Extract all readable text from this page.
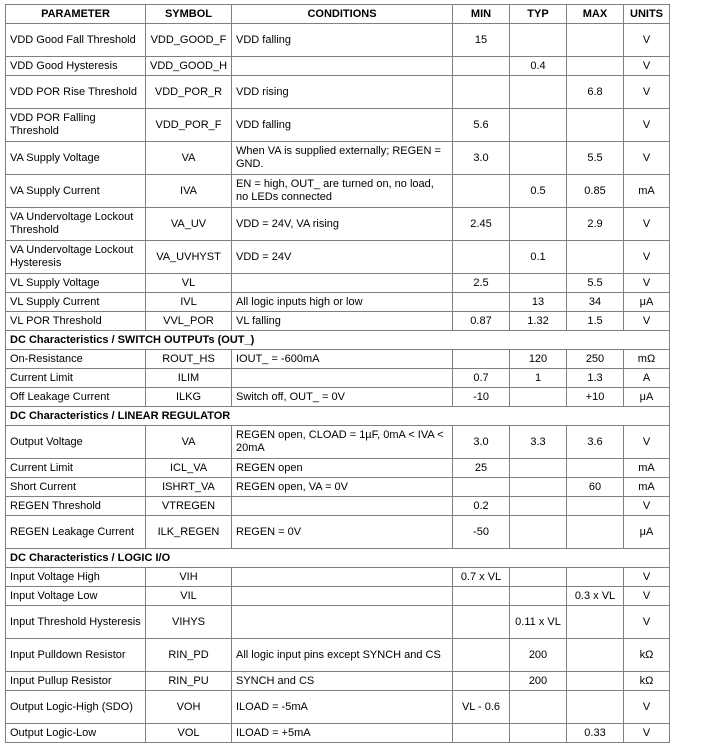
PARAMETER	SYMBOL	CONDITIONS	MIN	TYP	MAX	UNITS
VDD Good Fall Threshold	VDD_GOOD_F	VDD falling	15			V
VDD Good Hysteresis	VDD_GOOD_H			0.4		V
VDD POR Rise Threshold	VDD_POR_R	VDD rising			6.8	V
VDD POR Falling Threshold	VDD_POR_F	VDD falling	5.6			V
VA Supply Voltage	VA	When VA is supplied externally; REGEN = GND.	3.0		5.5	V
VA Supply Current	IVA	EN = high, OUT_ are turned on, no load, no LEDs connected		0.5	0.85	mA
VA Undervoltage Lockout Threshold	VA_UV	VDD = 24V, VA rising	2.45		2.9	V
VA Undervoltage Lockout Hysteresis	VA_UVHYST	VDD = 24V		0.1		V
VL Supply Voltage	VL		2.5		5.5	V
VL Supply Current	IVL	All logic inputs high or low		13	34	μA
VL POR Threshold	VVL_POR	VL falling	0.87	1.32	1.5	V
DC Characteristics / SWITCH OUTPUTs (OUT_)						
On-Resistance	ROUT_HS	IOUT_ = -600mA		120	250	mΩ
Current Limit	ILIM		0.7	1	1.3	A
Off Leakage Current	ILKG	Switch off, OUT_ = 0V	-10		+10	μA
DC Characteristics / LINEAR REGULATOR						
Output Voltage	VA	REGEN open, CLOAD = 1µF, 0mA < IVA < 20mA	3.0	3.3	3.6	V
Current Limit	ICL_VA	REGEN open	25			mA
Short Current	ISHRT_VA	REGEN open, VA = 0V			60	mA
REGEN Threshold	VTREGEN		0.2			V
REGEN Leakage Current	ILK_REGEN	REGEN = 0V	-50			μA
DC Characteristics / LOGIC I/O						
Input Voltage High	VIH		0.7 x VL			V
Input Voltage Low	VIL				0.3 x VL	V
Input Threshold Hysteresis	VIHYS			0.11 x VL		V
Input Pulldown Resistor	RIN_PD	All logic input pins except SYNCH and CS		200		kΩ
Input Pullup Resistor	RIN_PU	SYNCH and CS		200		kΩ
Output Logic-High (SDO)	VOH	ILOAD = -5mA	VL - 0.6			V
Output Logic-Low	VOL	ILOAD = +5mA			0.33	V
